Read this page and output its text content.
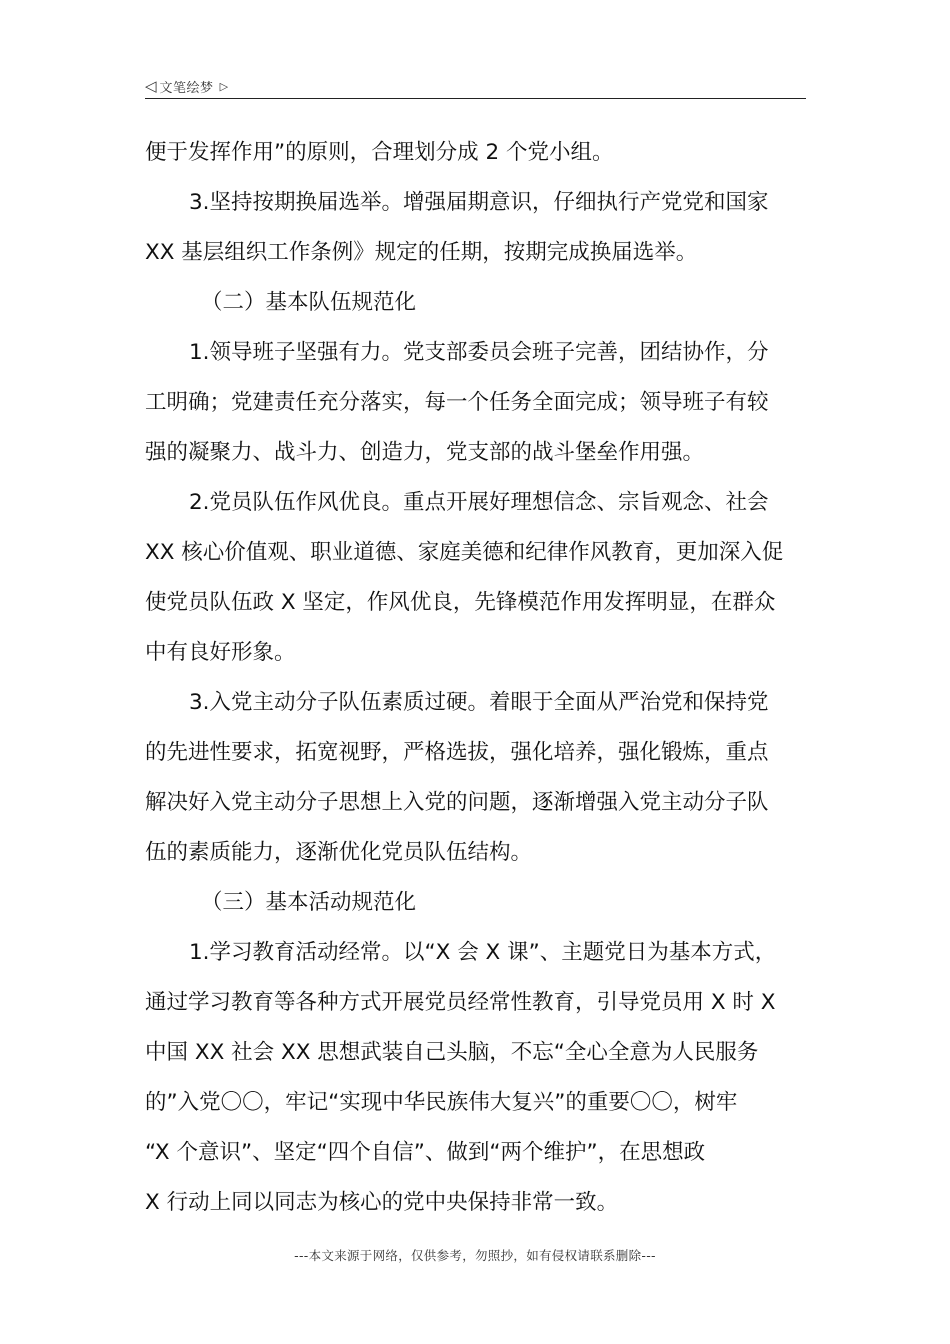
◁ 文笔绘梦 ▷
便于发挥作用”的原则，合理划分成 2 个党小组。
3.坚持按期换届选举。增强届期意识，仔细执行产党党和国家
XX 基层组织工作条例》规定的任期，按期完成换届选举。
（二）基本队伍规范化
1.领导班子坚强有力。党支部委员会班子完善，团结协作，分
工明确；党建责任充分落实，每一个任务全面完成；领导班子有较
强的凝聚力、战斗力、创造力，党支部的战斗堡垒作用强。
2.党员队伍作风优良。重点开展好理想信念、宗旨观念、社会
XX 核心价值观、职业道德、家庭美德和纪律作风教育，更加深入促
使党员队伍政 X 坚定，作风优良，先锋模范作用发挥明显，在群众
中有良好形象。
3.入党主动分子队伍素质过硬。着眼于全面从严治党和保持党
的先进性要求，拓宽视野，严格选拔，强化培养，强化锻炼，重点
解决好入党主动分子思想上入党的问题，逐渐增强入党主动分子队
伍的素质能力，逐渐优化党员队伍结构。
（三）基本活动规范化
1.学习教育活动经常。以“X 会 X 课”、主题党日为基本方式，
通过学习教育等各种方式开展党员经常性教育，引导党员用 X 时 X
中国 XX 社会 XX 思想武装自己头脑，不忘“全心全意为人民服务
的”入党〇〇，牢记“实现中华民族伟大复兴”的重要〇〇，树牢
“X 个意识”、坚定“四个自信”、做到“两个维护”，在思想政
X 行动上同以同志为核心的党中央保持非常一致。
---本文来源于网络，仅供参考，勿照抄，如有侵权请联系删除---
